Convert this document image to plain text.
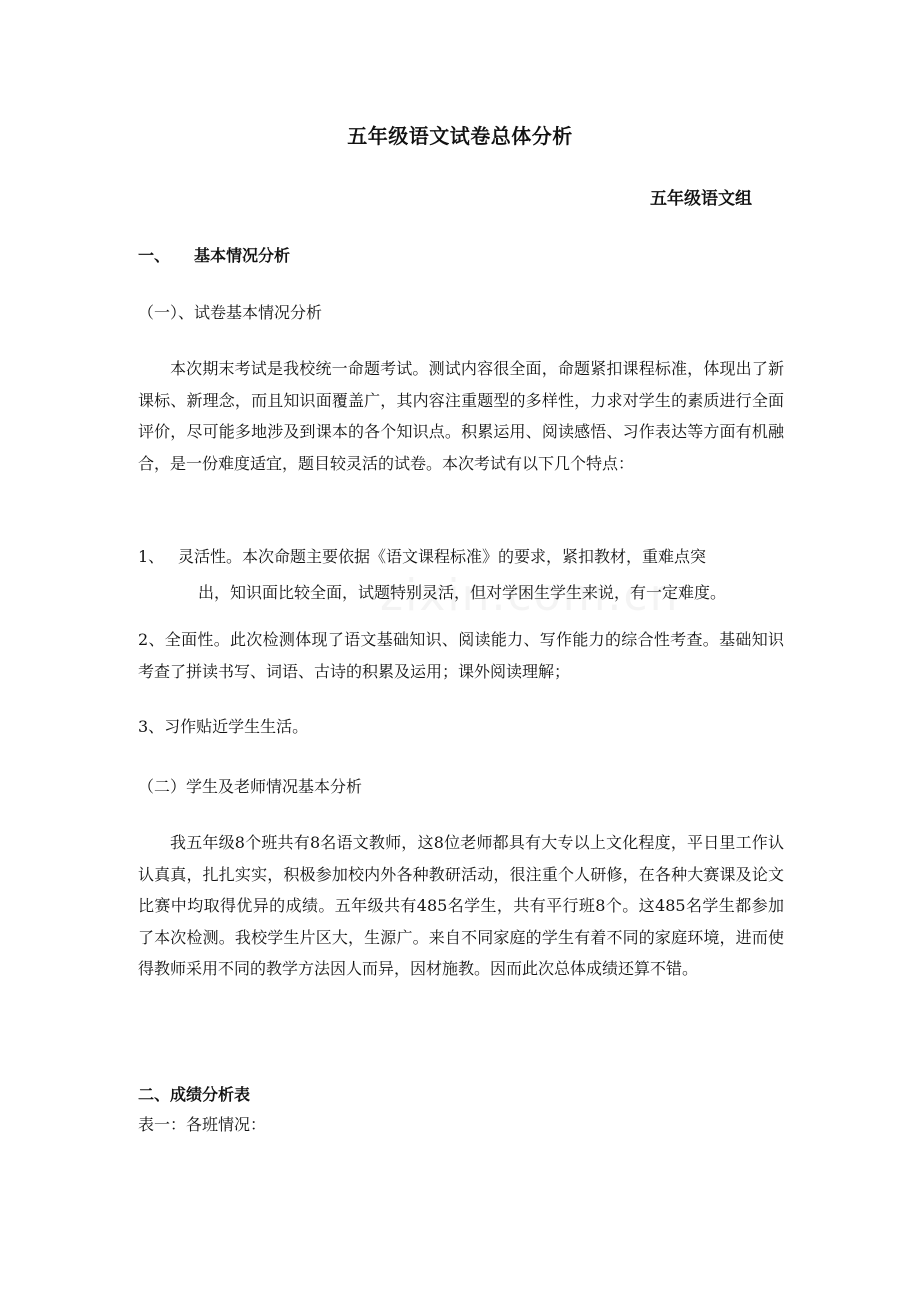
五年级语文试卷总体分析
五年级语文组
一、 基本情况分析
（一）、试卷基本情况分析
本次期末考试是我校统一命题考试。测试内容很全面，命题紧扣课程标准，体现出了新课标、新理念，而且知识面覆盖广，其内容注重题型的多样性，力求对学生的素质进行全面评价，尽可能多地涉及到课本的各个知识点。积累运用、阅读感悟、习作表达等方面有机融合，是一份难度适宜，题目较灵活的试卷。本次考试有以下几个特点：
1、 灵活性。本次命题主要依据《语文课程标准》的要求，紧扣教材，重难点突
出，知识面比较全面，试题特别灵活，但对学困生学生来说，有一定难度。
2、全面性。此次检测体现了语文基础知识、阅读能力、写作能力的综合性考查。基础知识考查了拼读书写、词语、古诗的积累及运用；课外阅读理解；
3、习作贴近学生生活。
（二）学生及老师情况基本分析
我五年级8个班共有8名语文教师，这8位老师都具有大专以上文化程度，平日里工作认认真真，扎扎实实，积极参加校内外各种教研活动，很注重个人研修，在各种大赛课及论文比赛中均取得优异的成绩。五年级共有485名学生，共有平行班8个。这485名学生都参加了本次检测。我校学生片区大，生源广。来自不同家庭的学生有着不同的家庭环境，进而使得教师采用不同的教学方法因人而异，因材施教。因而此次总体成绩还算不错。
二、成绩分析表
表一：各班情况：
